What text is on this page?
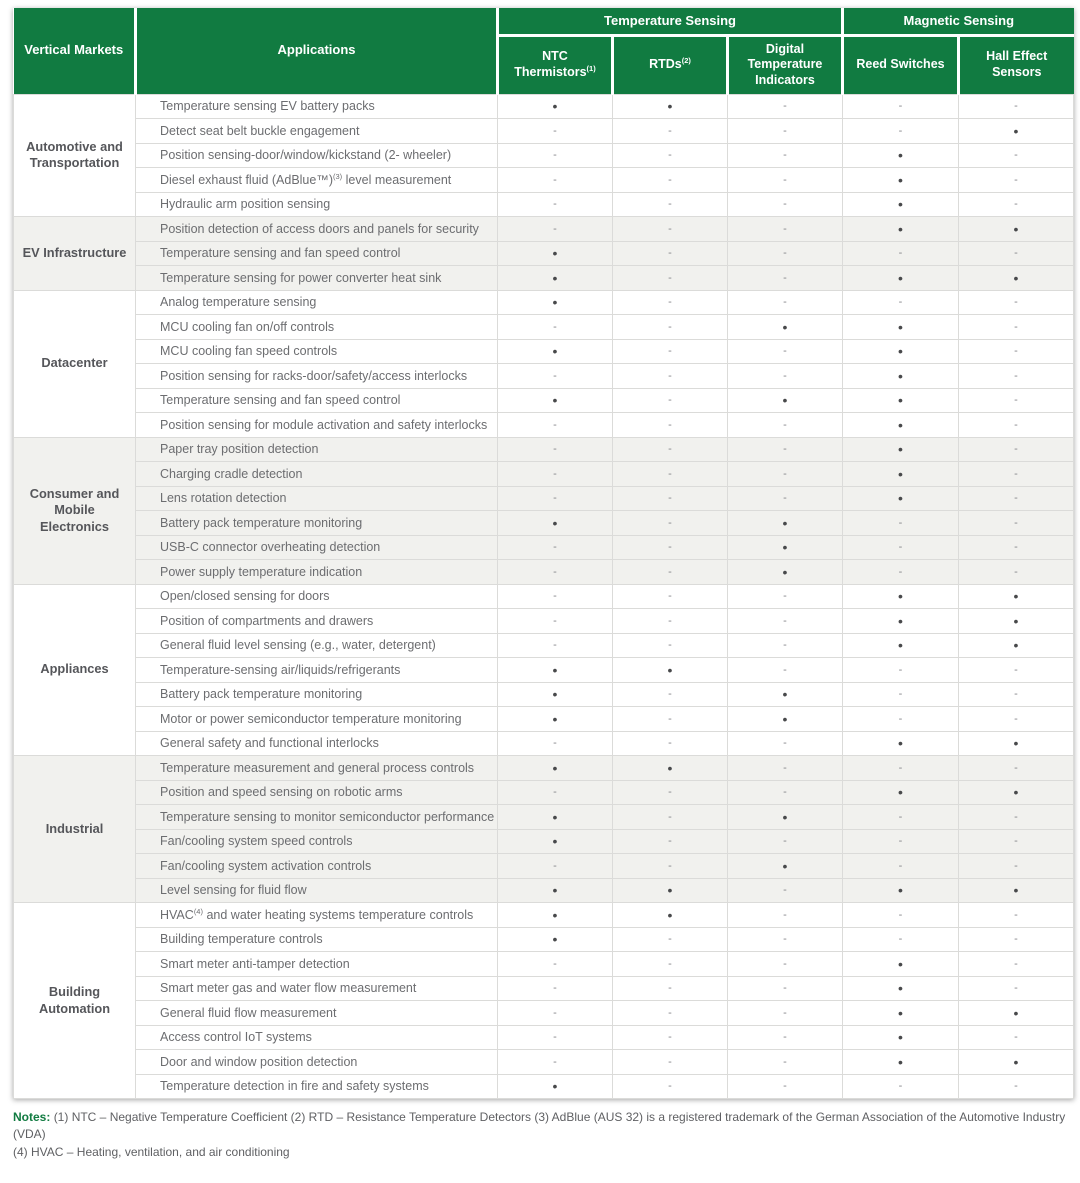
Vertical Markets	Applications	Temperature Sensing			Magnetic Sensing	
		NTC Thermistors$^{(1)}$	RTDs$^{(2)}$	Digital Temperature Indicators	Reed Switches	Hall Effect Sensors
Automotive and Transportation	Temperature sensing EV battery packs	•	•	-	-	-
	Detect seat belt buckle engagement	-	-	-	-	•
	Position sensing-door/window/kickstand (2- wheeler)	-	-	-	•	-
	Diesel exhaust fluid (AdBlue™)$^{(3)}$ level measurement	-	-	-	•	-
	Hydraulic arm position sensing	-	-	-	•	-
EV Infrastructure	Position detection of access doors and panels for security	-	-	-	•	•
	Temperature sensing and fan speed control	•	-	-	-	-
	Temperature sensing for power converter heat sink	•	-	-	•	•
Datacenter	Analog temperature sensing	•	-	-	-	-
	MCU cooling fan on/off controls	-	-	•	•	-
	MCU cooling fan speed controls	•	-	-	•	-
	Position sensing for racks-door/safety/access interlocks	-	-	-	•	-
	Temperature sensing and fan speed control	•	-	•	•	-
	Position sensing for module activation and safety interlocks	-	-	-	•	-
Consumer and Mobile Electronics	Paper tray position detection	-	-	-	•	-
	Charging cradle detection	-	-	-	•	-
	Lens rotation detection	-	-	-	•	-
	Battery pack temperature monitoring	•	-	•	-	-
	USB-C connector overheating detection	-	-	•	-	-
	Power supply temperature indication	-	-	•	-	-
Appliances	Open/closed sensing for doors	-	-	-	•	•
	Position of compartments and drawers	-	-	-	•	•
	General fluid level sensing (e.g., water, detergent)	-	-	-	•	•
	Temperature-sensing air/liquids/refrigerants	•	•	-	-	-
	Battery pack temperature monitoring	•	-	•	-	-
	Motor or power semiconductor temperature monitoring	•	-	•	-	-
	General safety and functional interlocks	-	-	-	•	•
Industrial	Temperature measurement and general process controls	•	•	-	-	-
	Position and speed sensing on robotic arms	-	-	-	•	•
	Temperature sensing to monitor semiconductor performance	•	-	•	-	-
	Fan/cooling system speed controls	•	-	-	-	-
	Fan/cooling system activation controls	-	-	•	-	-
	Level sensing for fluid flow	•	•	-	•	•
Building Automation	HVAC$^{(4)}$ and water heating systems temperature controls	•	•	-	-	-
	Building temperature controls	•	-	-	-	-
	Smart meter anti-tamper detection	-	-	-	•	-
	Smart meter gas and water flow measurement	-	-	-	•	-
	General fluid flow measurement	-	-	-	•	•
	Access control IoT systems	-	-	-	•	-
	Door and window position detection	-	-	-	•	•
	Temperature detection in fire and safety systems	•	-	-	-	-

Notes: (1) NTC – Negative Temperature Coefficient (2) RTD – Resistance Temperature Detectors (3) AdBlue (AUS 32) is a registered trademark of the German Association of the Automotive Industry (VDA)
(4) HVAC – Heating, ventilation, and air conditioning
